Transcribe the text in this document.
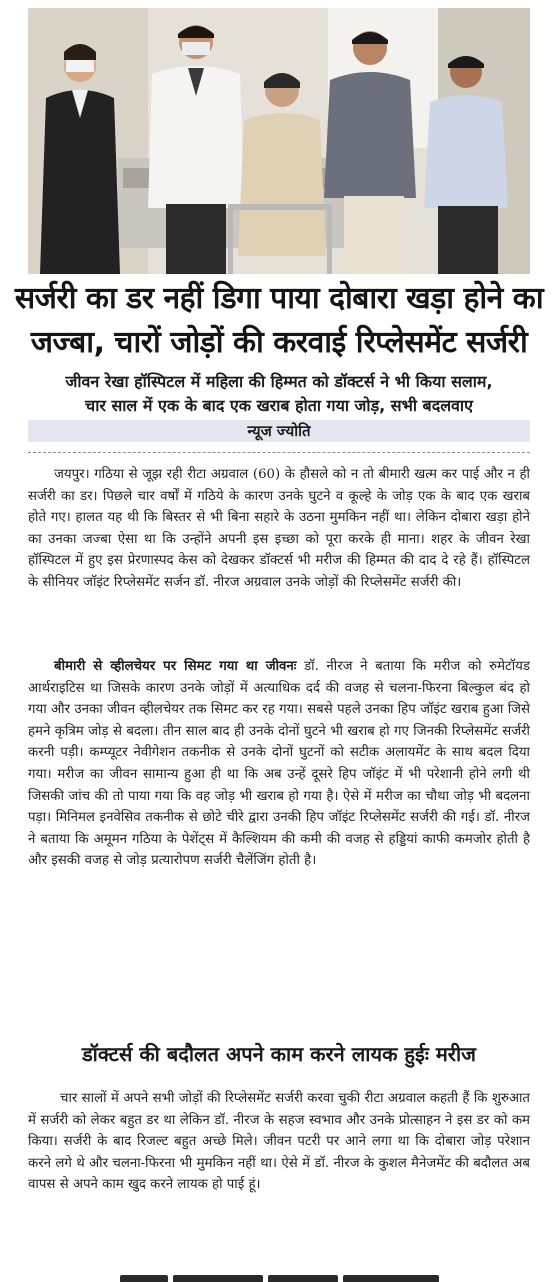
सर्जरी का डर नहीं डिगा पाया दोबारा खड़ा होने का
जज्बा, चारों जोड़ों की करवाई रिप्लेसमेंट सर्जरी

जीवन रेखा हॉस्पिटल में महिला की हिम्मत को डॉक्टर्स ने भी किया सलाम,

चार साल में एक के बाद एक खराब होता गया जोड़, सभी बदलवाए

न्यूज ज्योति

जयपुर। गठिया से जूझ रही रीटा अग्रवाल (60) के हौसले को न तो बीमारी खत्म कर पाई और न ही सर्जरी का डर। पिछले चार वर्षों में गठिये के कारण उनके घुटने व कूल्हे के जोड़ एक के बाद एक खराब होते गए। हालत यह थी कि बिस्तर से भी बिना सहारे के उठना मुमकिन नहीं था। लेकिन दोबारा खड़ा होने का उनका जज्बा ऐसा था कि उन्होंने अपनी इस इच्छा को पूरा करके ही माना। शहर के जीवन रेखा हॉस्पिटल में हुए इस प्रेरणास्पद केस को देखकर डॉक्टर्स भी मरीज की हिम्मत की दाद दे रहे हैं। हॉस्पिटल के सीनियर जॉइंट रिप्लेसमेंट सर्जन डॉ. नीरज अग्रवाल उनके जोड़ों की रिप्लेसमेंट सर्जरी की।

बीमारी से व्हीलचेयर पर सिमट गया था जीवनः डॉ. नीरज ने बताया कि मरीज को रुमेटॉयड आर्थराइटिस था जिसके कारण उनके जोड़ों में अत्याधिक दर्द की वजह से चलना-फिरना बिल्कुल बंद हो गया और उनका जीवन व्हीलचेयर तक सिमट कर रह गया। सबसे पहले उनका हिप जॉइंट खराब हुआ जिसे हमने कृत्रिम जोड़ से बदला। तीन साल बाद ही उनके दोनों घुटने भी खराब हो गए जिनकी रिप्लेसमेंट सर्जरी करनी पड़ी। कम्प्यूटर नेवीगेशन तकनीक से उनके दोनों घुटनों को सटीक अलायमेंट के साथ बदल दिया गया। मरीज का जीवन सामान्य हुआ ही था कि अब उन्हें दूसरे हिप जॉइंट में भी परेशानी होने लगी थी जिसकी जांच की तो पाया गया कि वह जोड़ भी खराब हो गया है। ऐसे में मरीज का चौथा जोड़ भी बदलना पड़ा। मिनिमल इनवेसिव तकनीक से छोटे चीरे द्वारा उनकी हिप जॉइंट रिप्लेसमेंट सर्जरी की गई। डॉ. नीरज ने बताया कि अमूमन गठिया के पेशेंट्स में कैल्शियम की कमी की वजह से हड्डियां काफी कमजोर होती है और इसकी वजह से जोड़ प्रत्यारोपण सर्जरी चैलेंजिंग होती है।

डॉक्टर्स की बदौलत अपने काम करने लायक हुईः मरीज

चार सालों में अपने सभी जोड़ों की रिप्लेसमेंट सर्जरी करवा चुकी रीटा अग्रवाल कहती हैं कि शुरुआत में सर्जरी को लेकर बहुत डर था लेकिन डॉ. नीरज के सहज स्वभाव और उनके प्रोत्साहन ने इस डर को कम किया। सर्जरी के बाद रिजल्ट बहुत अच्छे मिले। जीवन पटरी पर आने लगा था कि दोबारा जोड़ परेशान करने लगे थे और चलना-फिरना भी मुमकिन नहीं था। ऐसे में डॉ. नीरज के कुशल मैनेजमेंट की बदौलत अब वापस से अपने काम खुद करने लायक हो पाई हूं।
